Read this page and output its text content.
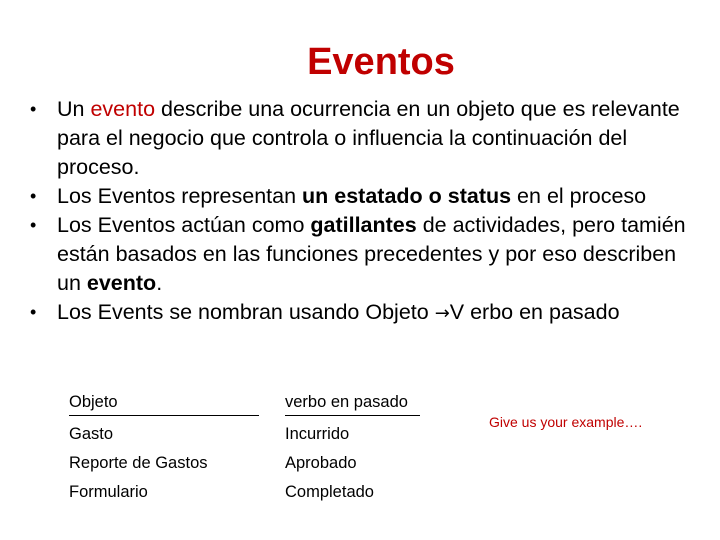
Eventos
• Un evento describe una ocurrencia en un objeto que es relevante para el negocio que controla o influencia la continuación del proceso.
• Los Eventos representan un estatado o status en el proceso
• Los Eventos actúan como gatillantes de actividades, pero tamién están basados en las funciones precedentes y por eso describen un evento.
• Los Events se nombran usando Objeto →V erbo en pasado
Objeto
Gasto
Reporte de Gastos
Formulario
verbo en pasado
Incurrido
Aprobado
Completado
Give us your example….
